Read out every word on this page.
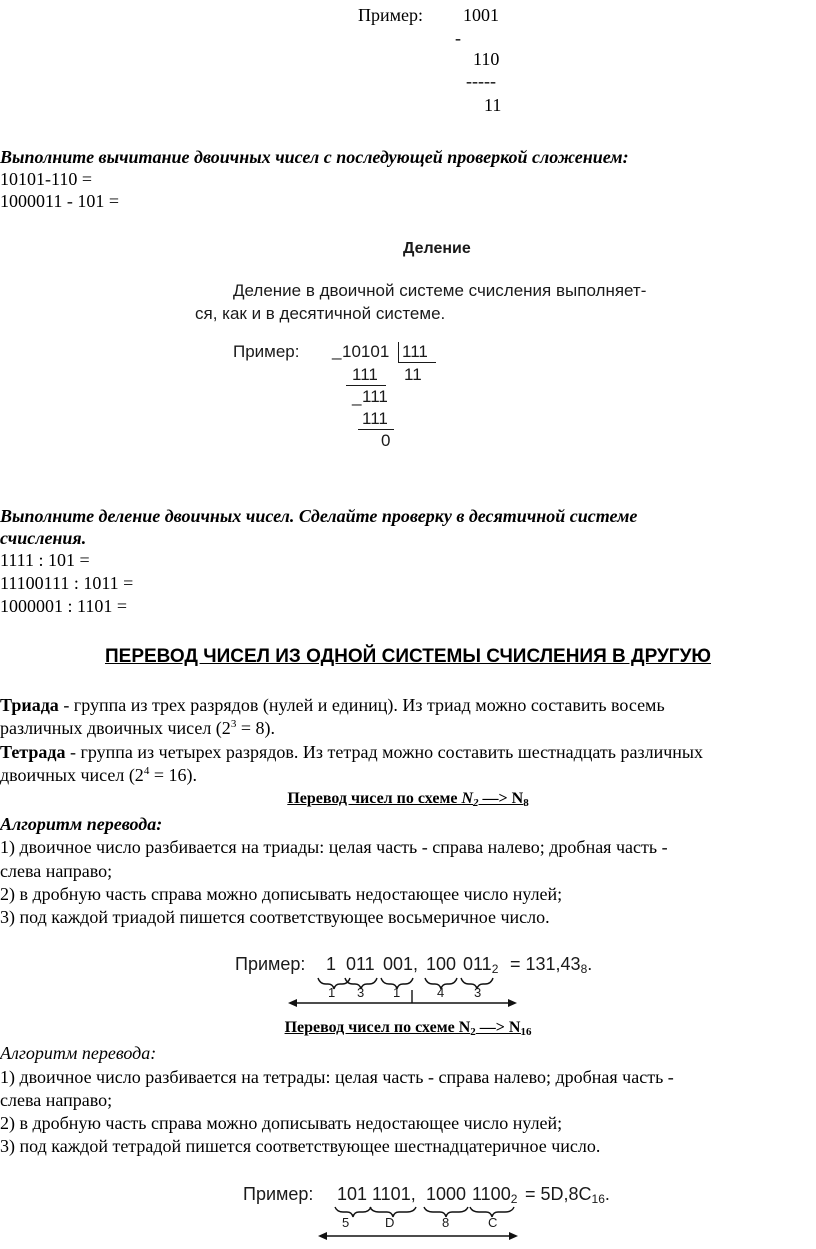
Пример: 1001
-
110
-----
11
Выполните вычитание двоичных чисел с последующей проверкой сложением:
10101-110 =
1000011 - 101 =
Деление
Деление в двоичной системе счисления выполняет-
ся, как и в десятичной системе.
Пример: _ 10101 111
111 11
_ 111
111
0
Выполните деление двоичных чисел. Сделайте проверку в десятичной системе
счисления.
1111 : 101 =
11100111 : 1011 =
1000001 : 1101 =
ПЕРЕВОД ЧИСЕЛ ИЗ ОДНОЙ СИСТЕМЫ СЧИСЛЕНИЯ В ДРУГУЮ
Триада - группа из трех разрядов (нулей и единиц). Из триад можно составить восемь
различных двоичных чисел $(2^3 = 8)$.
Тетрада - группа из четырех разрядов. Из тетрад можно составить шестнадцать различных
двоичных чисел $(2^4 = 16)$.
Перевод чисел по схеме $N_2$ —> $N_8$
Алгоритм перевода:
1) двоичное число разбивается на триады: целая часть - справа налево; дробная часть -
слева направо;
2) в дробную часть справа можно дописывать недостающее число нулей;
3) под каждой триадой пишется соответствующее восьмеричное число.
Пример: 1 011 001, 100 $011_2 = 131,43_8$.
1 3 1	4 3
Перевод чисел по схеме $N_2$ —> $N_{16}$
Алгоритм перевода:
1) двоичное число разбивается на тетрады: целая часть - справа налево; дробная часть -
слева направо;
2) в дробную часть справа можно дописывать недостающее число нулей;
3) под каждой тетрадой пишется соответствующее шестнадцатеричное число.
Пример: 101 1101, 1000 $1100_2 = 5D,8C_{16}$.
5	D	8	C
